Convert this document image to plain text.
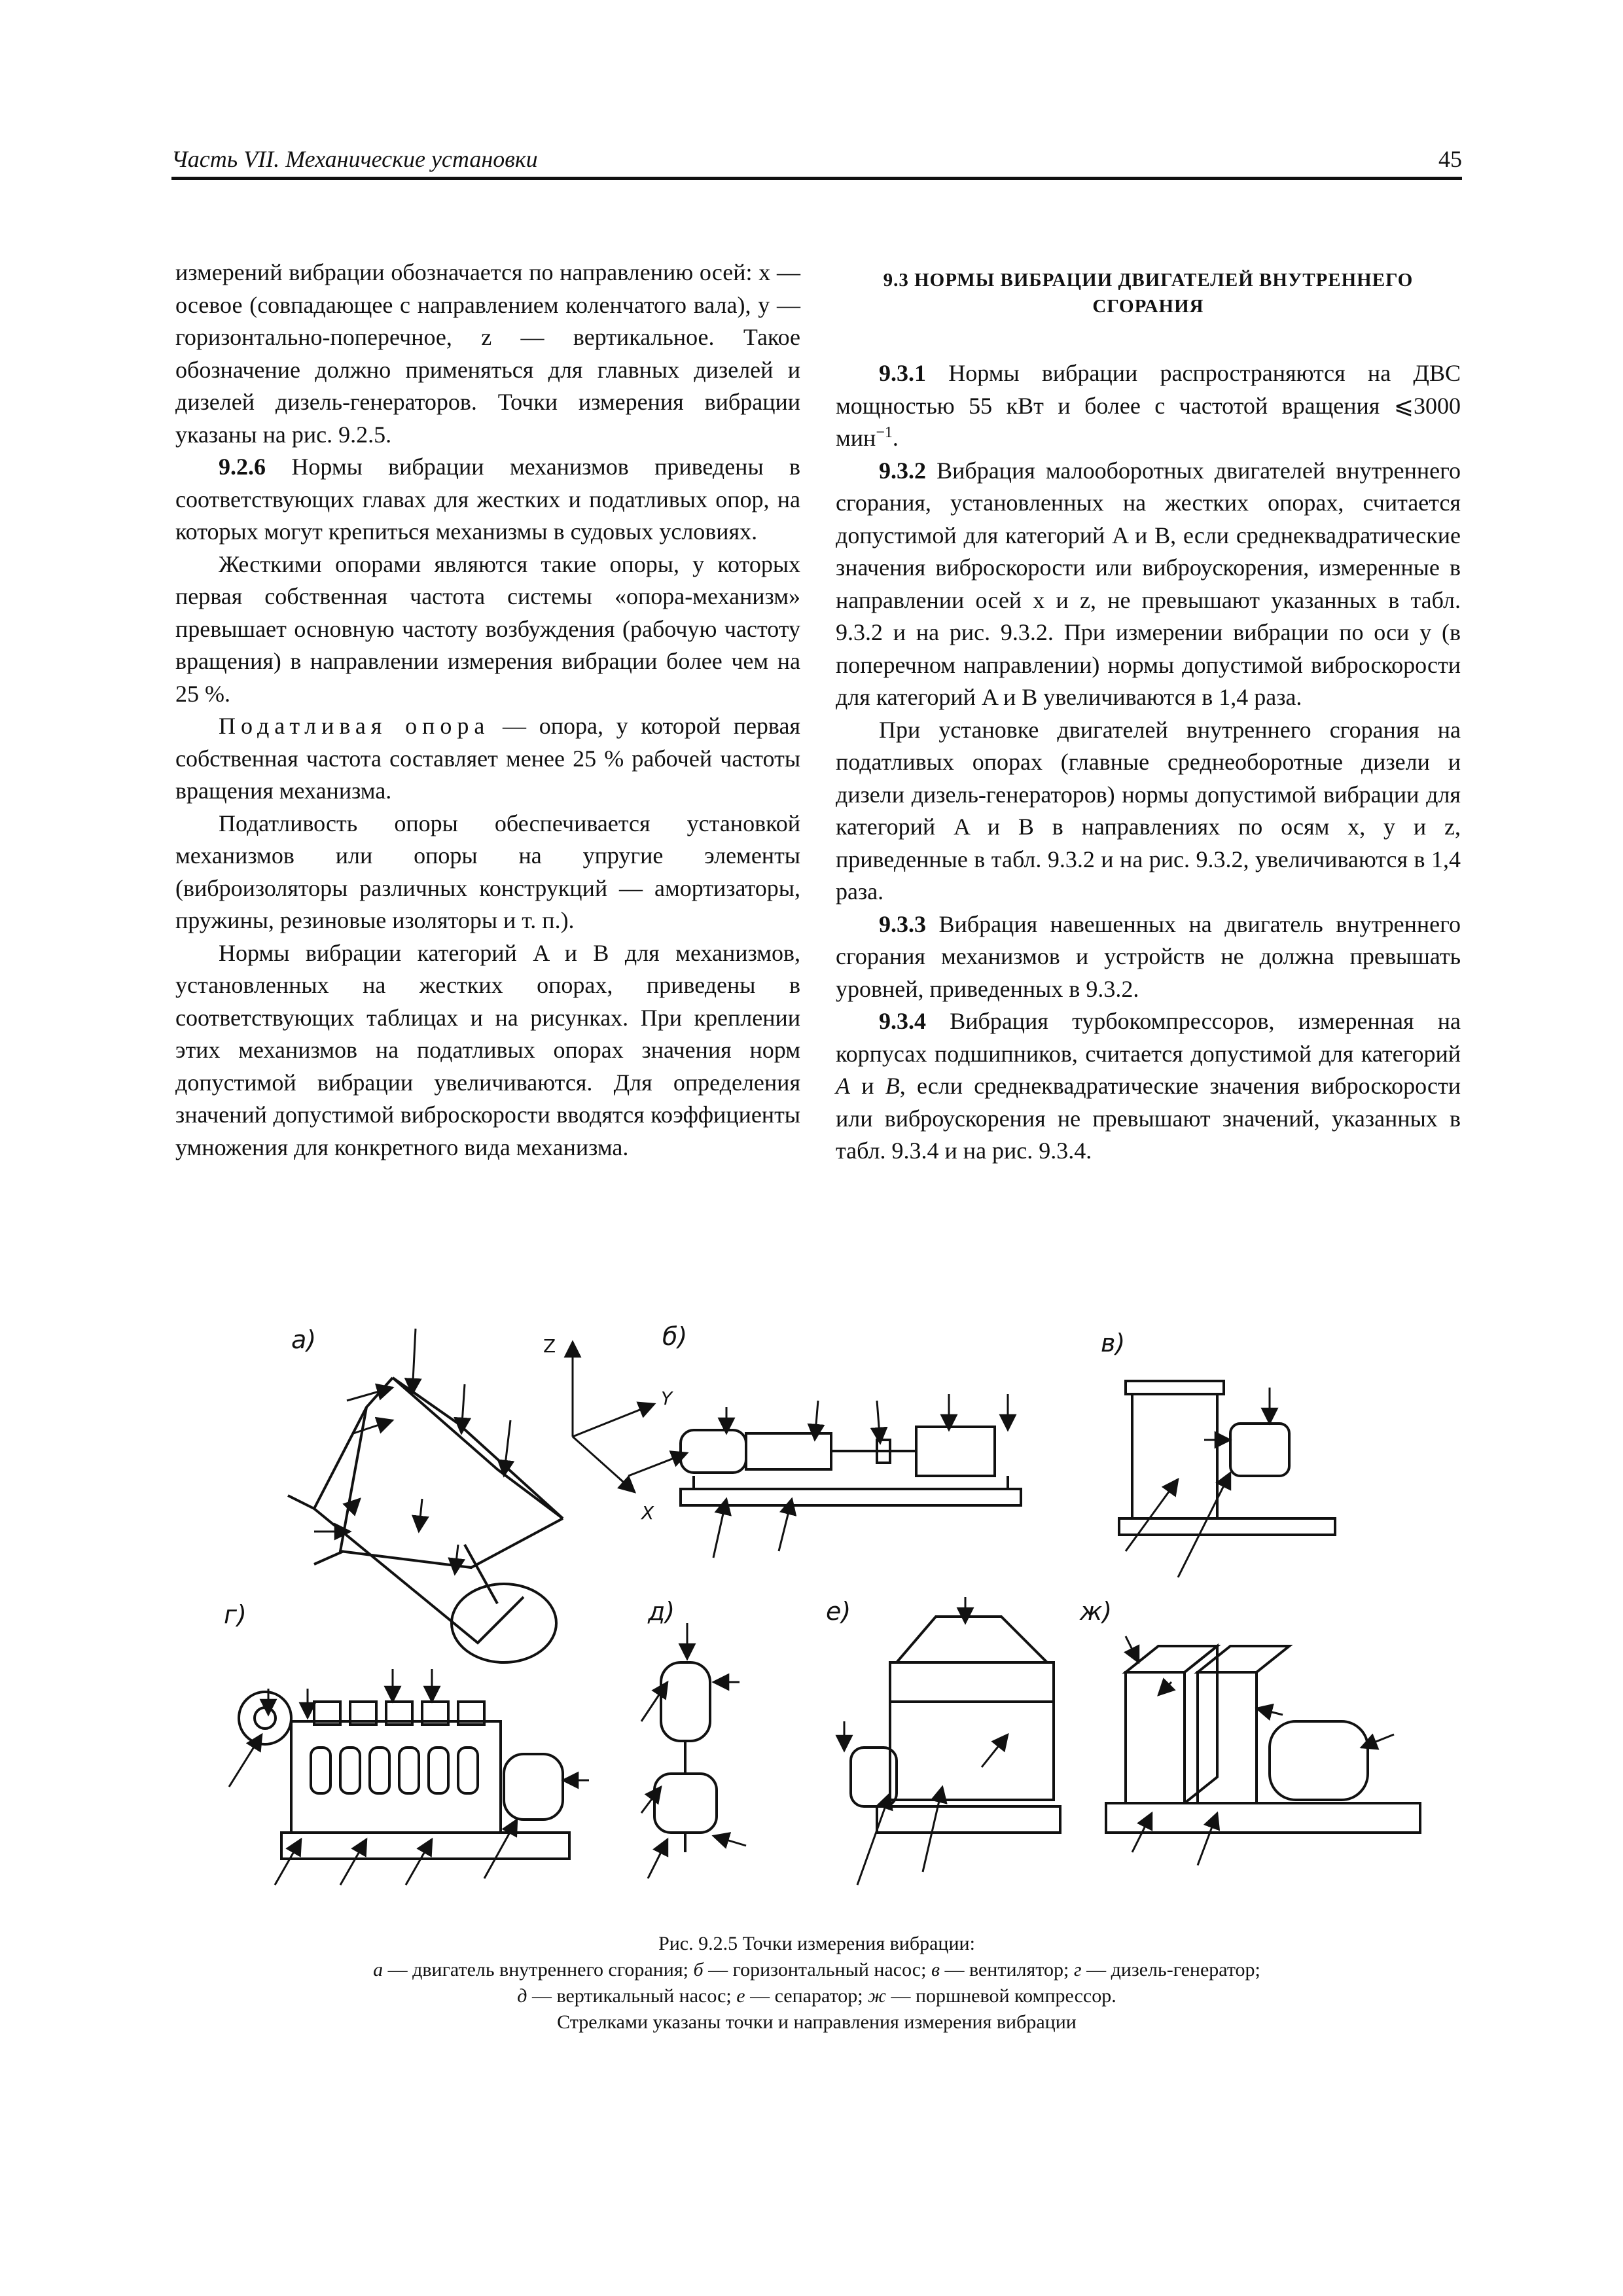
Часть VII. Механические установки	45

измерений вибрации обозначается по направлению осей: x — осевое (совпадающее с направлением коленчатого вала), y — горизонтально-поперечное, z — вертикальное. Такое обозначение должно применяться для главных дизелей и дизелей дизель-генераторов. Точки измерения вибрации указаны на рис. 9.2.5.

9.2.6 Нормы вибрации механизмов приведены в соответствующих главах для жестких и податливых опор, на которых могут крепиться механизмы в судовых условиях.

Жесткими опорами являются такие опоры, у которых первая собственная частота системы «опора-механизм» превышает основную частоту возбуждения (рабочую частоту вращения) в направлении измерения вибрации более чем на 25 %.

Податливая опора — опора, у которой первая собственная частота составляет менее 25 % рабочей частоты вращения механизма.

Податливость опоры обеспечивается установкой механизмов или опоры на упругие элементы (виброизоляторы различных конструкций — амортизаторы, пружины, резиновые изоляторы и т. п.).

Нормы вибрации категорий A и B для механизмов, установленных на жестких опорах, приведены в соответствующих таблицах и на рисунках. При креплении этих механизмов на податливых опорах значения норм допустимой вибрации увеличиваются. Для определения значений допустимой виброскорости вводятся коэффициенты умножения для конкретного вида механизма.

9.3 НОРМЫ ВИБРАЦИИ ДВИГАТЕЛЕЙ ВНУТРЕННЕГО СГОРАНИЯ

9.3.1 Нормы вибрации распространяются на ДВС мощностью 55 кВт и более с частотой вращения ⩽3000 мин$^{-1}$.

9.3.2 Вибрация малооборотных двигателей внутреннего сгорания, установленных на жестких опорах, считается допустимой для категорий A и B, если среднеквадратические значения виброскорости или виброускорения, измеренные в направлении осей x и z, не превышают указанных в табл. 9.3.2 и на рис. 9.3.2. При измерении вибрации по оси y (в поперечном направлении) нормы допустимой виброскорости для категорий A и B увеличиваются в 1,4 раза.

При установке двигателей внутреннего сгорания на податливых опорах (главные среднеоборотные дизели и дизели дизель-генераторов) нормы допустимой вибрации для категорий A и B в направлениях по осям x, y и z, приведенные в табл. 9.3.2 и на рис. 9.3.2, увеличиваются в 1,4 раза.

9.3.3 Вибрация навешенных на двигатель внутреннего сгорания механизмов и устройств не должна превышать уровней, приведенных в 9.3.2.

9.3.4 Вибрация турбокомпрессоров, измеренная на корпусах подшипников, считается допустимой для категорий A и B, если среднеквадратические значения виброскорости или виброускорения не превышают значений, указанных в табл. 9.3.4 и на рис. 9.3.4.

а)	б)	в)
г)	д)	е)	ж)
Z
Y
X
Рис. 9.2.5 Точки измерения вибрации:
а — двигатель внутреннего сгорания; б — горизонтальный насос; в — вентилятор; г — дизель-генератор;
д — вертикальный насос; е — сепаратор; ж — поршневой компрессор.
Стрелками указаны точки и направления измерения вибрации
